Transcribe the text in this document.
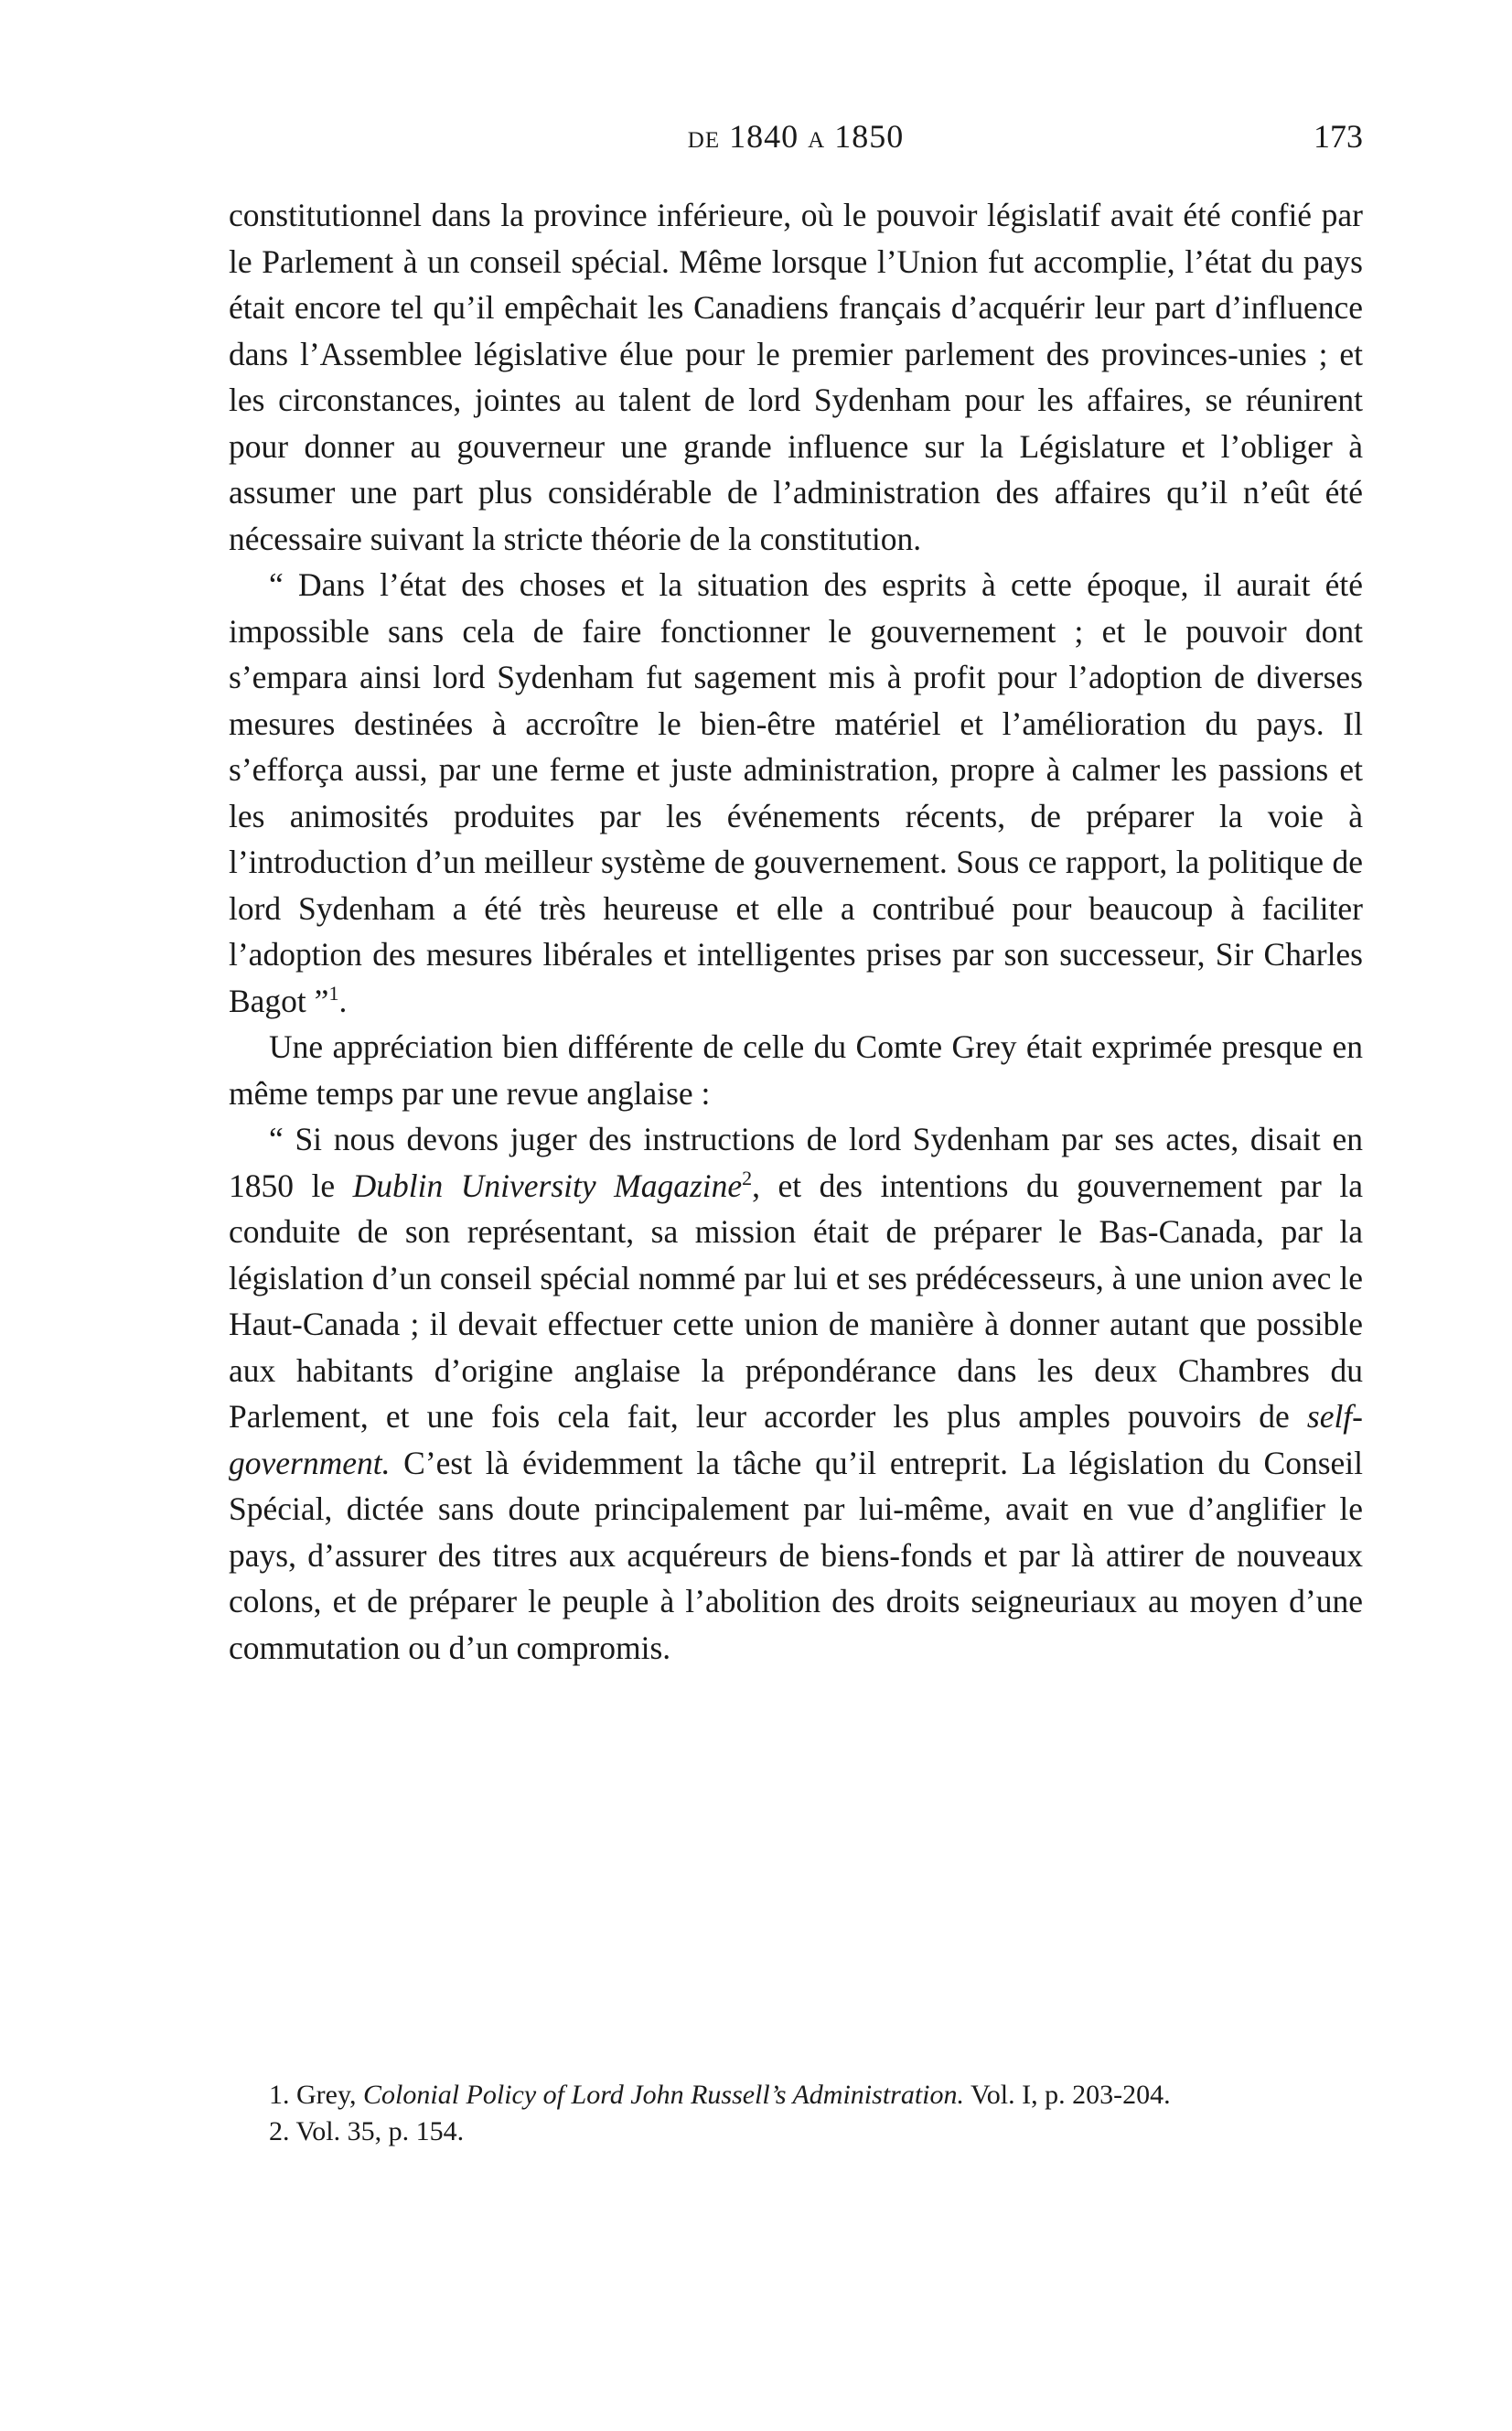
de 1840 a 1850	173

constitutionnel dans la province inférieure, où le pouvoir législatif avait été confié par le Parlement à un conseil spécial. Même lorsque l’Union fut accomplie, l’état du pays était encore tel qu’il empêchait les Canadiens français d’acquérir leur part d’influence dans l’Assemblee législative élue pour le premier parlement des provinces-unies ; et les circonstances, jointes au talent de lord Sydenham pour les affaires, se réunirent pour donner au gouverneur une grande influence sur la Législature et l’obliger à assumer une part plus considérable de l’administration des affaires qu’il n’eût été nécessaire suivant la stricte théorie de la constitution.

“ Dans l’état des choses et la situation des esprits à cette époque, il aurait été impossible sans cela de faire fonctionner le gouvernement ; et le pouvoir dont s’empara ainsi lord Sydenham fut sagement mis à profit pour l’adoption de diverses mesures destinées à accroître le bien-être matériel et l’amélioration du pays. Il s’efforça aussi, par une ferme et juste administration, propre à calmer les passions et les animosités produites par les événements récents, de préparer la voie à l’introduction d’un meilleur système de gouvernement. Sous ce rapport, la politique de lord Sydenham a été très heureuse et elle a contribué pour beaucoup à faciliter l’adoption des mesures libérales et intelligentes prises par son successeur, Sir Charles Bagot ”$^1$.

Une appréciation bien différente de celle du Comte Grey était exprimée presque en même temps par une revue anglaise :

“ Si nous devons juger des instructions de lord Sydenham par ses actes, disait en 1850 le Dublin University Magazine$^2$, et des intentions du gouvernement par la conduite de son représentant, sa mission était de préparer le Bas-Canada, par la législation d’un conseil spécial nommé par lui et ses prédécesseurs, à une union avec le Haut-Canada ; il devait effectuer cette union de manière à donner autant que possible aux habitants d’origine anglaise la prépondérance dans les deux Chambres du Parlement, et une fois cela fait, leur accorder les plus amples pouvoirs de self-government. C’est là évidemment la tâche qu’il entreprit. La législation du Conseil Spécial, dictée sans doute principalement par lui-même, avait en vue d’anglifier le pays, d’assurer des titres aux acquéreurs de biens-fonds et par là attirer de nouveaux colons, et de préparer le peuple à l’abolition des droits seigneuriaux au moyen d’une commutation ou d’un compromis.

1. Grey, Colonial Policy of Lord John Russell’s Administration. Vol. I, p. 203-204.

2. Vol. 35, p. 154.
